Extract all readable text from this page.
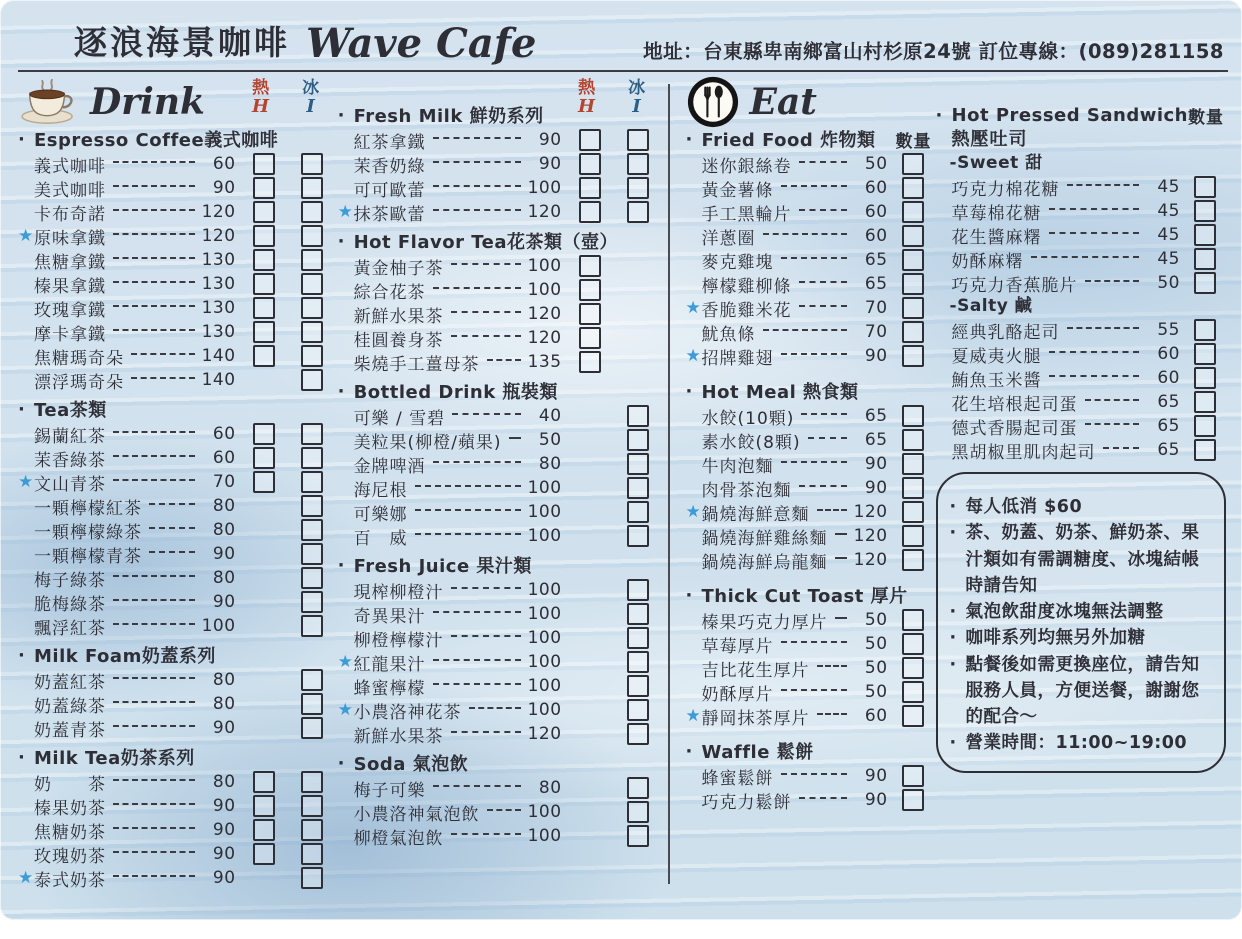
逐浪海景咖啡 Wave Cafe	地址：台東縣卑南鄉富山村杉原24號 訂位專線：(089)281158
Drink	熱
H
冰
I
· Espresso Coffee義式咖啡
義式咖啡	60
美式咖啡	90
卡布奇諾	120
★ 原味拿鐵	120
焦糖拿鐵	130
榛果拿鐵	130
玫瑰拿鐵	130
摩卡拿鐵	130
焦糖瑪奇朵	140
漂浮瑪奇朵	140
· Tea茶類
錫蘭紅茶	60
茉香綠茶	60
★ 文山青茶	70
一顆檸檬紅茶	80
一顆檸檬綠茶	80
一顆檸檬青茶	90
梅子綠茶	80
脆梅綠茶	90
飄浮紅茶	100
· Milk Foam奶蓋系列
奶蓋紅茶	80
奶蓋綠茶	80
奶蓋青茶	90
· Milk Tea奶茶系列
奶　　茶	80
榛果奶茶	90
焦糖奶茶	90
玫瑰奶茶	90
★ 泰式奶茶	90
熱
H
冰
I
· Fresh Milk 鮮奶系列
紅茶拿鐵	90
茉香奶綠	90
可可歐蕾	100
★ 抹茶歐蕾	120
· Hot Flavor Tea花茶類（壺）
黃金柚子茶	100
綜合花茶	100
新鮮水果茶	120
桂圓養身茶	120
柴燒手工薑母茶	135
· Bottled Drink 瓶裝類
可樂 / 雪碧	40
美粒果(柳橙/蘋果)	50
金牌啤酒	80
海尼根	100
可樂娜	100
百　威	100
· Fresh Juice 果汁類
現榨柳橙汁	100
奇異果汁	100
柳橙檸檬汁	100
★ 紅龍果汁	100
蜂蜜檸檬	100
★ 小農洛神花茶	100
新鮮水果茶	120
· Soda 氣泡飲
梅子可樂	80
小農洛神氣泡飲	100
柳橙氣泡飲	100
Eat
· Fried Food 炸物類 數量
迷你銀絲卷	50
黃金薯條	60
手工黑輪片	60
洋蔥圈	60
麥克雞塊	65
檸檬雞柳條	65
★ 香脆雞米花	70
魷魚條	70
★ 招牌雞翅	90
· Hot Meal 熱食類
水餃(10顆)	65
素水餃(8顆)	65
牛肉泡麵	90
肉骨茶泡麵	90
★ 鍋燒海鮮意麵	120
鍋燒海鮮雞絲麵 120
鍋燒海鮮烏龍麵 120
· Thick Cut Toast 厚片
榛果巧克力厚片	50
草莓厚片	50
吉比花生厚片	50
奶酥厚片	50
★ 靜岡抹茶厚片	60
· Waffle 鬆餅
蜂蜜鬆餅	90
巧克力鬆餅	90
· Hot Pressed Sandwich 數量
熱壓吐司
-Sweet 甜
巧克力棉花糖	45
草莓棉花糖	45
花生醬麻糬	45
奶酥麻糬	45
巧克力香蕉脆片	50
-Salty 鹹
經典乳酪起司	55
夏威夷火腿	60
鮪魚玉米醬	60
花生培根起司蛋	65
德式香腸起司蛋	65
黑胡椒里肌肉起司	65
· 每人低消 $60
· 茶、奶蓋、奶茶、鮮奶茶、果汁類如有需調糖度、冰塊結帳時請告知
· 氣泡飲甜度冰塊無法調整
· 咖啡系列均無另外加糖
· 點餐後如需更換座位，請告知服務人員，方便送餐，謝謝您的配合～
· 營業時間：11:00~19:00
